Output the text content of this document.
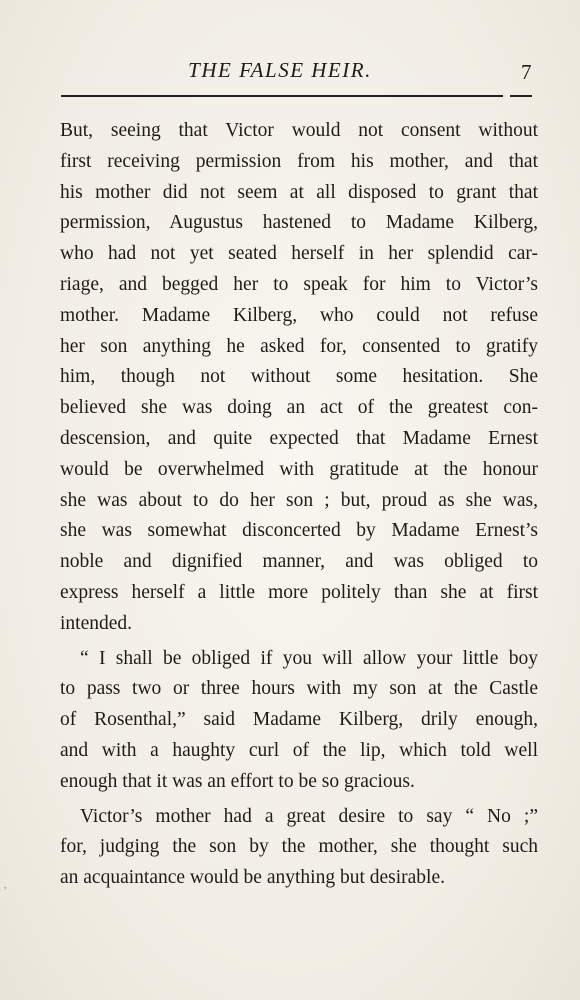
THE FALSE HEIR.	7
But, seeing that Victor would not consent without
first receiving permission from his mother, and that
his mother did not seem at all disposed to grant that
permission, Augustus hastened to Madame Kilberg,
who had not yet seated herself in her splendid car-
riage, and begged her to speak for him to Victor’s
mother. Madame Kilberg, who could not refuse
her son anything he asked for, consented to gratify
him, though not without some hesitation. She
believed she was doing an act of the greatest con-
descension, and quite expected that Madame Ernest
would be overwhelmed with gratitude at the honour
she was about to do her son ; but, proud as she was,
she was somewhat disconcerted by Madame Ernest’s
noble and dignified manner, and was obliged to
express herself a little more politely than she at first
intended.
“ I shall be obliged if you will allow your little boy
to pass two or three hours with my son at the Castle
of Rosenthal,” said Madame Kilberg, drily enough,
and with a haughty curl of the lip, which told well
enough that it was an effort to be so gracious.
Victor’s mother had a great desire to say “ No ;”
for, judging the son by the mother, she thought such
an acquaintance would be anything but desirable.
,
